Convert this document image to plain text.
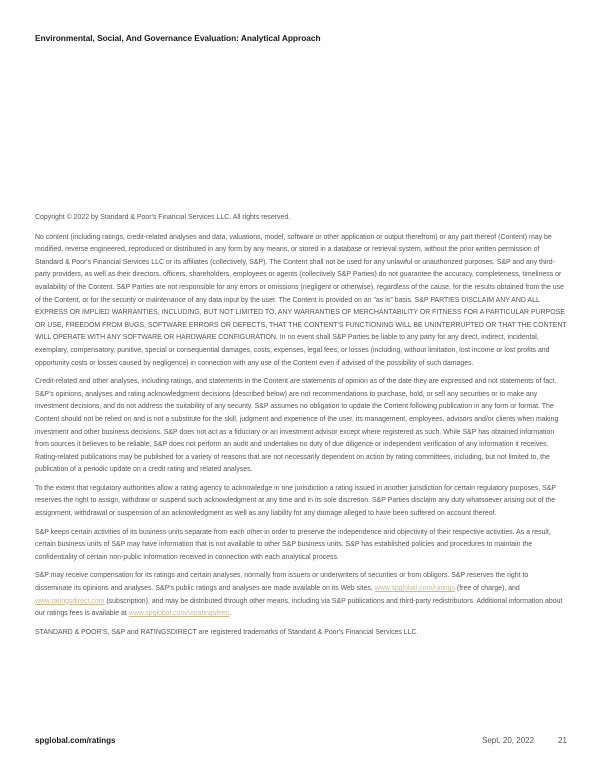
Environmental, Social, And Governance Evaluation: Analytical Approach

Copyright © 2022 by Standard & Poor's Financial Services LLC. All rights reserved.

No content (including ratings, credit-related analyses and data, valuations, model, software or other application or output therefrom) or any part thereof (Content) may be modified, reverse engineered, reproduced or distributed in any form by any means, or stored in a database or retrieval system, without the prior written permission of Standard & Poor's Financial Services LLC or its affiliates (collectively, S&P). The Content shall not be used for any unlawful or unauthorized purposes. S&P and any third-party providers, as well as their directors, officers, shareholders, employees or agents (collectively S&P Parties) do not guarantee the accuracy, completeness, timeliness or availability of the Content. S&P Parties are not responsible for any errors or omissions (negligent or otherwise), regardless of the cause, for the results obtained from the use of the Content, or for the security or maintenance of any data input by the user. The Content is provided on an "as is" basis. S&P PARTIES DISCLAIM ANY AND ALL EXPRESS OR IMPLIED WARRANTIES, INCLUDING, BUT NOT LIMITED TO, ANY WARRANTIES OF MERCHANTABILITY OR FITNESS FOR A PARTICULAR PURPOSE OR USE, FREEDOM FROM BUGS, SOFTWARE ERRORS OR DEFECTS, THAT THE CONTENT'S FUNCTIONING WILL BE UNINTERRUPTED OR THAT THE CONTENT WILL OPERATE WITH ANY SOFTWARE OR HARDWARE CONFIGURATION. In no event shall S&P Parties be liable to any party for any direct, indirect, incidental, exemplary, compensatory, punitive, special or consequential damages, costs, expenses, legal fees, or losses (including, without limitation, lost income or lost profits and opportunity costs or losses caused by negligence) in connection with any use of the Content even if advised of the possibility of such damages.

Credit-related and other analyses, including ratings, and statements in the Content are statements of opinion as of the date they are expressed and not statements of fact. S&P's opinions, analyses and rating acknowledgment decisions (described below) are not recommendations to purchase, hold, or sell any securities or to make any investment decisions, and do not address the suitability of any security. S&P assumes no obligation to update the Content following publication in any form or format. The Content should not be relied on and is not a substitute for the skill, judgment and experience of the user, its management, employees, advisors and/or clients when making investment and other business decisions. S&P does not act as a fiduciary or an investment advisor except where registered as such. While S&P has obtained information from sources it believes to be reliable, S&P does not perform an audit and undertakes no duty of due diligence or independent verification of any information it receives. Rating-related publications may be published for a variety of reasons that are not necessarily dependent on action by rating committees, including, but not limited to, the publication of a periodic update on a credit rating and related analyses.

To the extent that regulatory authorities allow a rating agency to acknowledge in one jurisdiction a rating issued in another jurisdiction for certain regulatory purposes, S&P reserves the right to assign, withdraw or suspend such acknowledgment at any time and in its sole discretion. S&P Parties disclaim any duty whatsoever arising out of the assignment, withdrawal or suspension of an acknowledgment as well as any liability for any damage alleged to have been suffered on account thereof.

S&P keeps certain activities of its business units separate from each other in order to preserve the independence and objectivity of their respective activities. As a result, certain business units of S&P may have information that is not available to other S&P business units. S&P has established policies and procedures to maintain the confidentiality of certain non-public information received in connection with each analytical process.

S&P may receive compensation for its ratings and certain analyses, normally from issuers or underwriters of securities or from obligors. S&P reserves the right to disseminate its opinions and analyses. S&P's public ratings and analyses are made available on its Web sites, www.spglobal.com/ratings (free of charge), and www.ratingsdirect.com (subscription), and may be distributed through other means, including via S&P publications and third-party redistributors. Additional information about our ratings fees is available at www.spglobal.com/usratingsfees.

STANDARD & POOR'S, S&P and RATINGSDIRECT are registered trademarks of Standard & Poor's Financial Services LLC.

spglobal.com/ratings	Sept. 20, 2022	21
